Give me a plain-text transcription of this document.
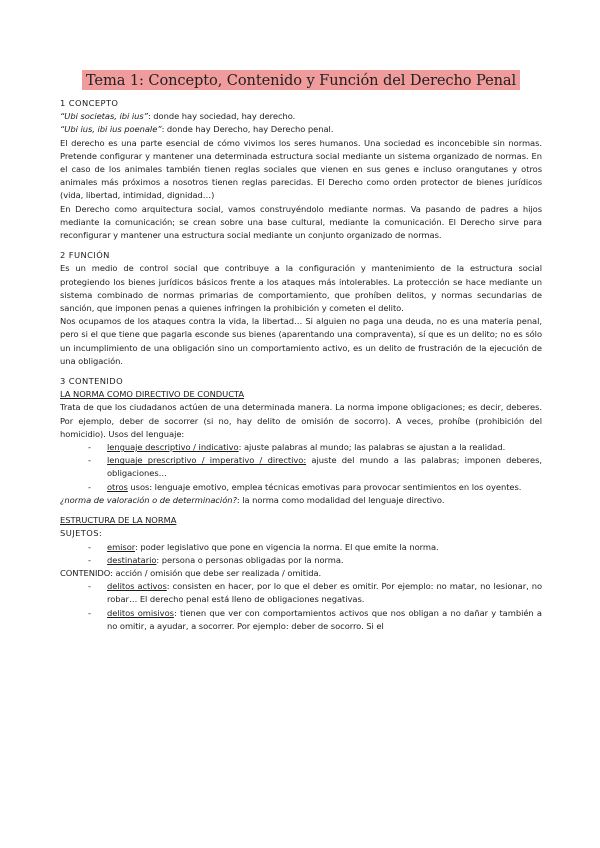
Tema 1: Concepto, Contenido y Función del Derecho Penal

1 CONCEPTO

“Ubi societas, ibi ius”: donde hay sociedad, hay derecho.

“Ubi ius, ibi ius poenale”: donde hay Derecho, hay Derecho penal.

El derecho es una parte esencial de cómo vivimos los seres humanos. Una sociedad es inconcebible sin normas. Pretende configurar y mantener una determinada estructura social mediante un sistema organizado de normas. En el caso de los animales también tienen reglas sociales que vienen en sus genes e incluso orangutanes y otros animales más próximos a nosotros tienen reglas parecidas. El Derecho como orden protector de bienes jurídicos (vida, libertad, intimidad, dignidad…)

En Derecho como arquitectura social, vamos construyéndolo mediante normas. Va pasando de padres a hijos mediante la comunicación; se crean sobre una base cultural, mediante la comunicación. El Derecho sirve para reconfigurar y mantener una estructura social mediante un conjunto organizado de normas.

2 FUNCIÓN

Es un medio de control social que contribuye a la configuración y mantenimiento de la estructura social protegiendo los bienes jurídicos básicos frente a los ataques más intolerables. La protección se hace mediante un sistema combinado de normas primarias de comportamiento, que prohíben delitos, y normas secundarias de sanción, que imponen penas a quienes infringen la prohibición y cometen el delito.

Nos ocupamos de los ataques contra la vida, la libertad… Si alguien no paga una deuda, no es una materia penal, pero si el que tiene que pagarla esconde sus bienes (aparentando una compraventa), sí que es un delito; no es sólo un incumplimiento de una obligación sino un comportamiento activo, es un delito de frustración de la ejecución de una obligación.

3 CONTENIDO

LA NORMA COMO DIRECTIVO DE CONDUCTA

Trata de que los ciudadanos actúen de una determinada manera. La norma impone obligaciones; es decir, deberes. Por ejemplo, deber de socorrer (si no, hay delito de omisión de socorro). A veces, prohíbe (prohibición del homicidio). Usos del lenguaje:

- lenguaje descriptivo / indicativo: ajuste palabras al mundo; las palabras se ajustan a la realidad.
- lenguaje prescriptivo / imperativo / directivo: ajuste del mundo a las palabras; imponen deberes, obligaciones…
- otros usos: lenguaje emotivo, emplea técnicas emotivas para provocar sentimientos en los oyentes.

¿norma de valoración o de determinación?: la norma como modalidad del lenguaje directivo.

ESTRUCTURA DE LA NORMA

SUJETOS:

- emisor: poder legislativo que pone en vigencia la norma. El que emite la norma.
- destinatario: persona o personas obligadas por la norma.

CONTENIDO: acción / omisión que debe ser realizada / omitida.

- delitos activos: consisten en hacer, por lo que el deber es omitir. Por ejemplo: no matar, no lesionar, no robar… El derecho penal está lleno de obligaciones negativas.
- delitos omisivos: tienen que ver con comportamientos activos que nos obligan a no dañar y también a no omitir, a ayudar, a socorrer. Por ejemplo: deber de socorro. Si el
